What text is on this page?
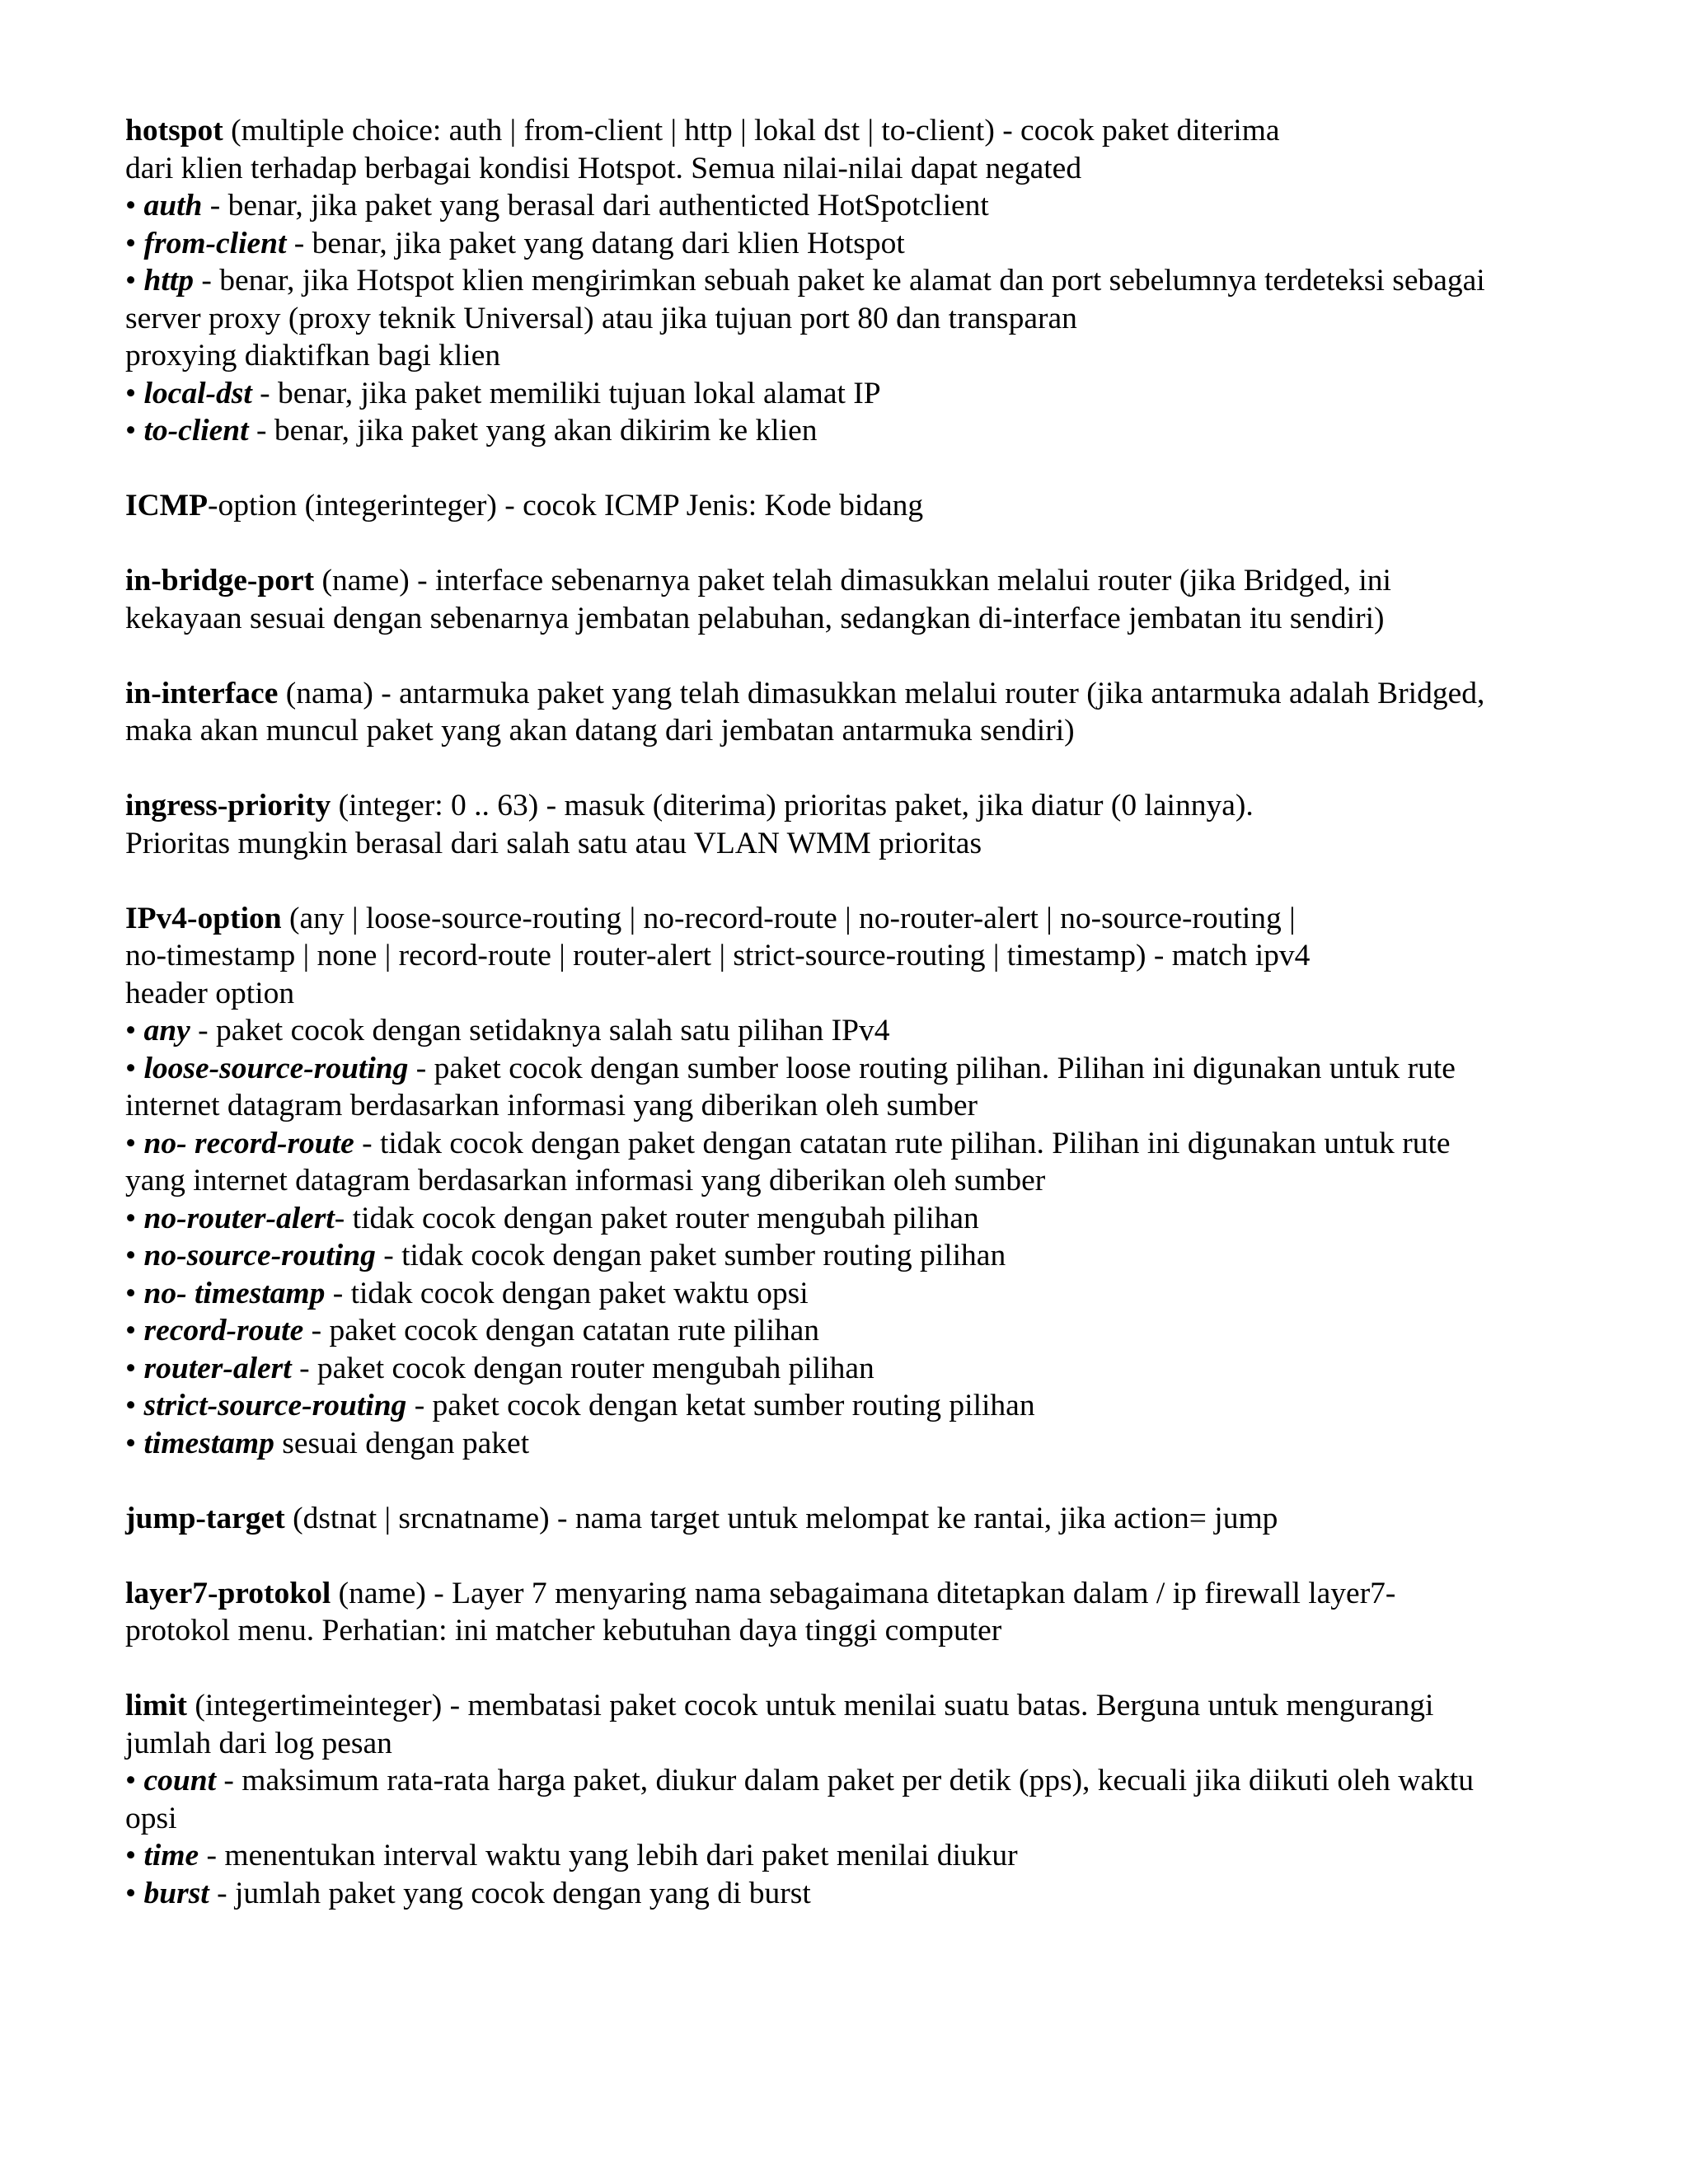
hotspot (multiple choice: auth | from-client | http | lokal dst | to-client) - cocok paket diterima
dari klien terhadap berbagai kondisi Hotspot. Semua nilai-nilai dapat negated
• auth - benar, jika paket yang berasal dari authenticted HotSpotclient
• from-client - benar, jika paket yang datang dari klien Hotspot
• http - benar, jika Hotspot klien mengirimkan sebuah paket ke alamat dan port sebelumnya terdeteksi sebagai
server proxy (proxy teknik Universal) atau jika tujuan port 80 dan transparan
proxying diaktifkan bagi klien
• local-dst - benar, jika paket memiliki tujuan lokal alamat IP
• to-client - benar, jika paket yang akan dikirim ke klien
ICMP-option (integerinteger) - cocok ICMP Jenis: Kode bidang
in-bridge-port (name) - interface sebenarnya paket telah dimasukkan melalui router (jika Bridged, ini
kekayaan sesuai dengan sebenarnya jembatan pelabuhan, sedangkan di-interface jembatan itu sendiri)
in-interface (nama) - antarmuka paket yang telah dimasukkan melalui router (jika antarmuka adalah Bridged,
maka akan muncul paket yang akan datang dari jembatan antarmuka sendiri)
ingress-priority (integer: 0 .. 63) - masuk (diterima) prioritas paket, jika diatur (0 lainnya).
Prioritas mungkin berasal dari salah satu atau VLAN WMM prioritas
IPv4-option (any | loose-source-routing | no-record-route | no-router-alert | no-source-routing |
no-timestamp | none | record-route | router-alert | strict-source-routing | timestamp) - match ipv4
header option
• any - paket cocok dengan setidaknya salah satu pilihan IPv4
• loose-source-routing - paket cocok dengan sumber loose routing pilihan. Pilihan ini digunakan untuk rute
internet datagram berdasarkan informasi yang diberikan oleh sumber
• no- record-route - tidak cocok dengan paket dengan catatan rute pilihan. Pilihan ini digunakan untuk rute
yang internet datagram berdasarkan informasi yang diberikan oleh sumber
• no-router-alert- tidak cocok dengan paket router mengubah pilihan
• no-source-routing - tidak cocok dengan paket sumber routing pilihan
• no- timestamp - tidak cocok dengan paket waktu opsi
• record-route - paket cocok dengan catatan rute pilihan
• router-alert - paket cocok dengan router mengubah pilihan
• strict-source-routing - paket cocok dengan ketat sumber routing pilihan
• timestamp sesuai dengan paket
jump-target (dstnat | srcnatname) - nama target untuk melompat ke rantai, jika action= jump
layer7-protokol (name) - Layer 7 menyaring nama sebagaimana ditetapkan dalam / ip firewall layer7-
protokol menu. Perhatian: ini matcher kebutuhan daya tinggi computer
limit (integertimeinteger) - membatasi paket cocok untuk menilai suatu batas. Berguna untuk mengurangi
jumlah dari log pesan
• count - maksimum rata-rata harga paket, diukur dalam paket per detik (pps), kecuali jika diikuti oleh waktu
opsi
• time - menentukan interval waktu yang lebih dari paket menilai diukur
• burst - jumlah paket yang cocok dengan yang di burst
